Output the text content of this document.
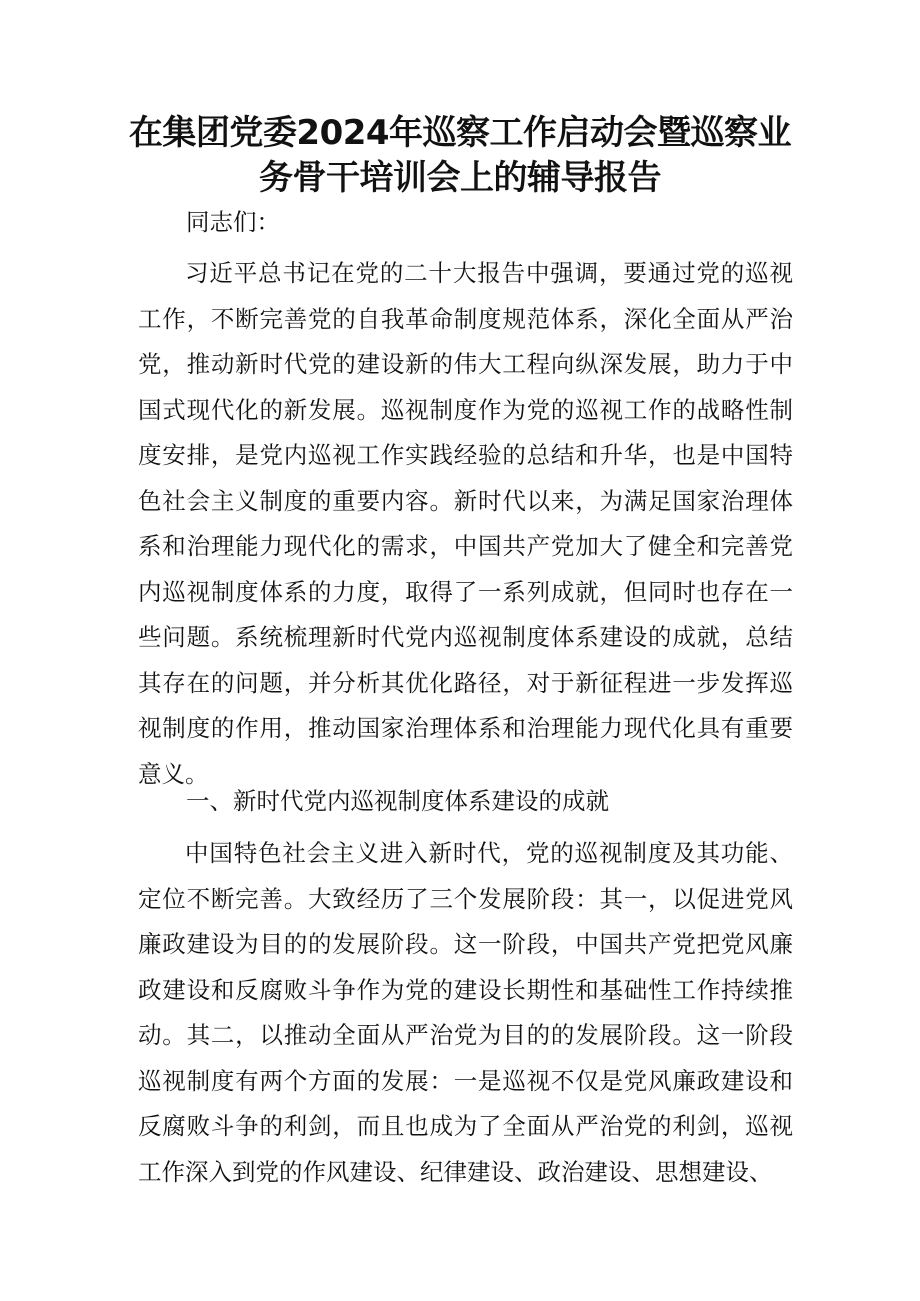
在集团党委2024年巡察工作启动会暨巡察业
务骨干培训会上的辅导报告

同志们：

习近平总书记在党的二十大报告中强调，要通过党的巡视工作，不断完善党的自我革命制度规范体系，深化全面从严治党，推动新时代党的建设新的伟大工程向纵深发展，助力于中国式现代化的新发展。巡视制度作为党的巡视工作的战略性制度安排，是党内巡视工作实践经验的总结和升华，也是中国特色社会主义制度的重要内容。新时代以来，为满足国家治理体系和治理能力现代化的需求，中国共产党加大了健全和完善党内巡视制度体系的力度，取得了一系列成就，但同时也存在一些问题。系统梳理新时代党内巡视制度体系建设的成就，总结其存在的问题，并分析其优化路径，对于新征程进一步发挥巡视制度的作用，推动国家治理体系和治理能力现代化具有重要意义。

一、新时代党内巡视制度体系建设的成就

中国特色社会主义进入新时代，党的巡视制度及其功能、定位不断完善。大致经历了三个发展阶段：其一，以促进党风廉政建设为目的的发展阶段。这一阶段，中国共产党把党风廉政建设和反腐败斗争作为党的建设长期性和基础性工作持续推动。其二，以推动全面从严治党为目的的发展阶段。这一阶段巡视制度有两个方面的发展：一是巡视不仅是党风廉政建设和反腐败斗争的利剑，而且也成为了全面从严治党的利剑，巡视工作深入到党的作风建设、纪律建设、政治建设、思想建设、
